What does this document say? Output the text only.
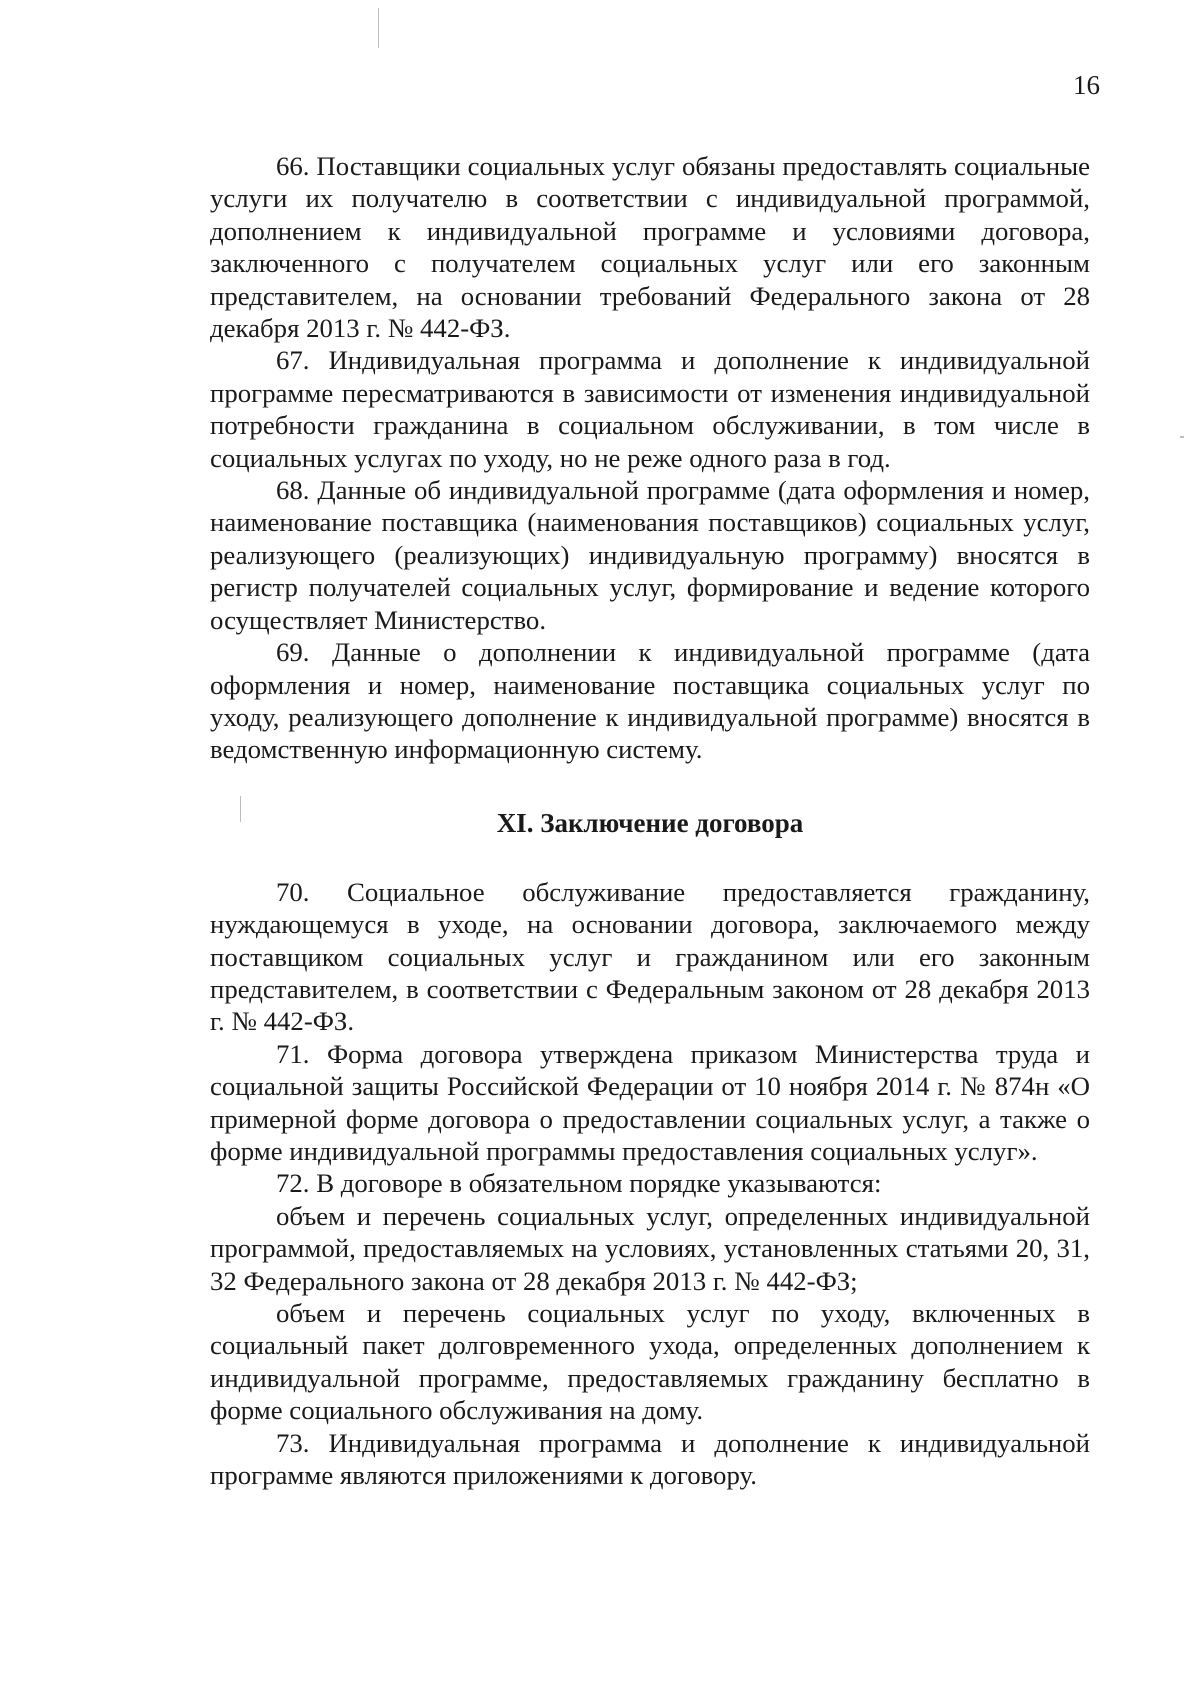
16

66. Поставщики социальных услуг обязаны предоставлять социальные услуги их получателю в соответствии с индивидуальной программой, дополнением к индивидуальной программе и условиями договора, заключенного с получателем социальных услуг или его законным представителем, на основании требований Федерального закона от 28 декабря 2013 г. № 442-ФЗ.

67. Индивидуальная программа и дополнение к индивидуальной программе пересматриваются в зависимости от изменения индивидуальной потребности гражданина в социальном обслуживании, в том числе в социальных услугах по уходу, но не реже одного раза в год.

68. Данные об индивидуальной программе (дата оформления и номер, наименование поставщика (наименования поставщиков) социальных услуг, реализующего (реализующих) индивидуальную программу) вносятся в регистр получателей социальных услуг, формирование и ведение которого осуществляет Министерство.

69. Данные о дополнении к индивидуальной программе (дата оформления и номер, наименование поставщика социальных услуг по уходу, реализующего дополнение к индивидуальной программе) вносятся в ведомственную информационную систему.

XI. Заключение договора

70. Социальное обслуживание предоставляется гражданину, нуждающемуся в уходе, на основании договора, заключаемого между поставщиком социальных услуг и гражданином или его законным представителем, в соответствии с Федеральным законом от 28 декабря 2013 г. № 442-ФЗ.

71. Форма договора утверждена приказом Министерства труда и социальной защиты Российской Федерации от 10 ноября 2014 г. № 874н «О примерной форме договора о предоставлении социальных услуг, а также о форме индивидуальной программы предоставления социальных услуг».

72. В договоре в обязательном порядке указываются:

объем и перечень социальных услуг, определенных индивидуальной программой, предоставляемых на условиях, установленных статьями 20, 31, 32 Федерального закона от 28 декабря 2013 г. № 442-ФЗ;

объем и перечень социальных услуг по уходу, включенных в социальный пакет долговременного ухода, определенных дополнением к индивидуальной программе, предоставляемых гражданину бесплатно в форме социального обслуживания на дому.

73. Индивидуальная программа и дополнение к индивидуальной программе являются приложениями к договору.
